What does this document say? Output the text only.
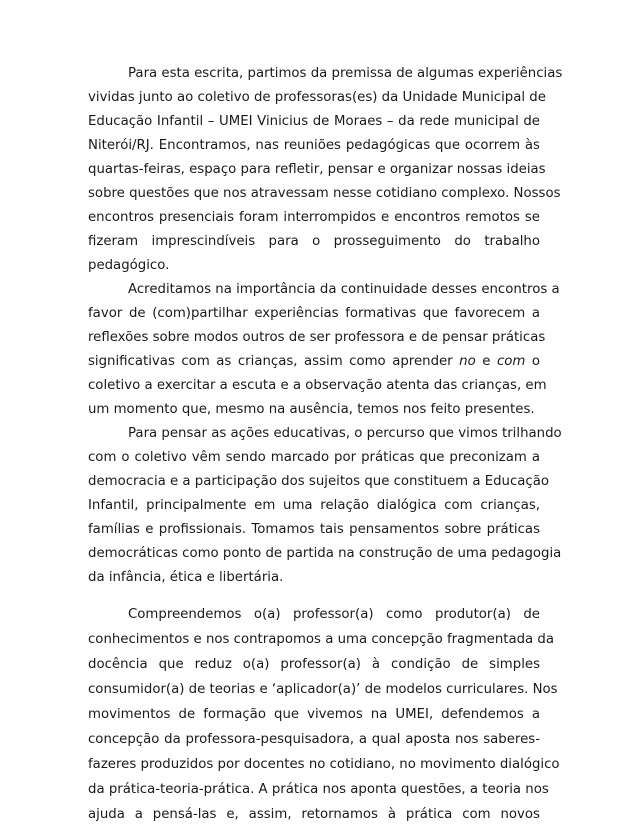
Para esta escrita, partimos da premissa de algumas experiências
vividas junto ao coletivo de professoras(es) da Unidade Municipal de
Educação Infantil – UMEI Vinicius de Moraes – da rede municipal de
Niterói/RJ. Encontramos, nas reuniões pedagógicas que ocorrem às
quartas-feiras, espaço para refletir, pensar e organizar nossas ideias
sobre questões que nos atravessam nesse cotidiano complexo. Nossos
encontros presenciais foram interrompidos e encontros remotos se
fizeram imprescindíveis para o prosseguimento do trabalho
pedagógico.
Acreditamos na importância da continuidade desses encontros a
favor de (com)partilhar experiências formativas que favorecem a
reflexões sobre modos outros de ser professora e de pensar práticas
significativas com as crianças, assim como aprender no e com o
coletivo a exercitar a escuta e a observação atenta das crianças, em
um momento que, mesmo na ausência, temos nos feito presentes.
Para pensar as ações educativas, o percurso que vimos trilhando
com o coletivo vêm sendo marcado por práticas que preconizam a
democracia e a participação dos sujeitos que constituem a Educação
Infantil, principalmente em uma relação dialógica com crianças,
famílias e profissionais. Tomamos tais pensamentos sobre práticas
democráticas como ponto de partida na construção de uma pedagogia
da infância, ética e libertária.
Compreendemos o(a) professor(a) como produtor(a) de
conhecimentos e nos contrapomos a uma concepção fragmentada da
docência que reduz o(a) professor(a) à condição de simples
consumidor(a) de teorias e ‘aplicador(a)’ de modelos curriculares. Nos
movimentos de formação que vivemos na UMEI, defendemos a
concepção da professora-pesquisadora, a qual aposta nos saberes-
fazeres produzidos por docentes no cotidiano, no movimento dialógico
da prática-teoria-prática. A prática nos aponta questões, a teoria nos
ajuda a pensá-las e, assim, retornamos à prática com novos
